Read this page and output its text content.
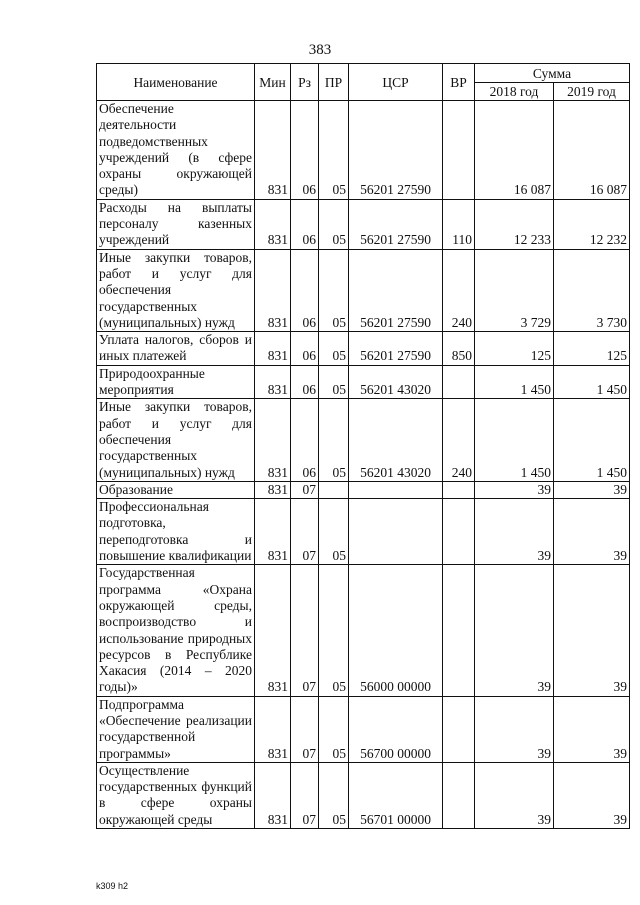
383
Наименование	Мин	Рз	ПР	ЦСР	ВР	Сумма	
						2018 год	2019 год
Обеспечение деятельности подведомственных учреждений (в сфере охраны окружающей среды)	831	06	05	56201 27590		16 087	16 087
Расходы на выплаты персоналу казенных учреждений	831	06	05	56201 27590	110	12 233	12 232
Иные закупки товаров, работ и услуг для обеспечения государственных (муниципальных) нужд	831	06	05	56201 27590	240	3 729	3 730
Уплата налогов, сборов и иных платежей	831	06	05	56201 27590	850	125	125
Природоохранные мероприятия	831	06	05	56201 43020		1 450	1 450
Иные закупки товаров, работ и услуг для обеспечения государственных (муниципальных) нужд	831	06	05	56201 43020	240	1 450	1 450
Образование	831	07				39	39
Профессиональная подготовка, переподготовка и повышение квалификации	831	07	05			39	39
Государственная программа «Охрана окружающей среды, воспроизводство и использование природных ресурсов в Республике Хакасия (2014 – 2020 годы)»	831	07	05	56000 00000		39	39
Подпрограмма «Обеспечение реализации государственной программы»	831	07	05	56700 00000		39	39
Осуществление государственных функций в сфере охраны окружающей среды	831	07	05	56701 00000		39	39
k309 h2
